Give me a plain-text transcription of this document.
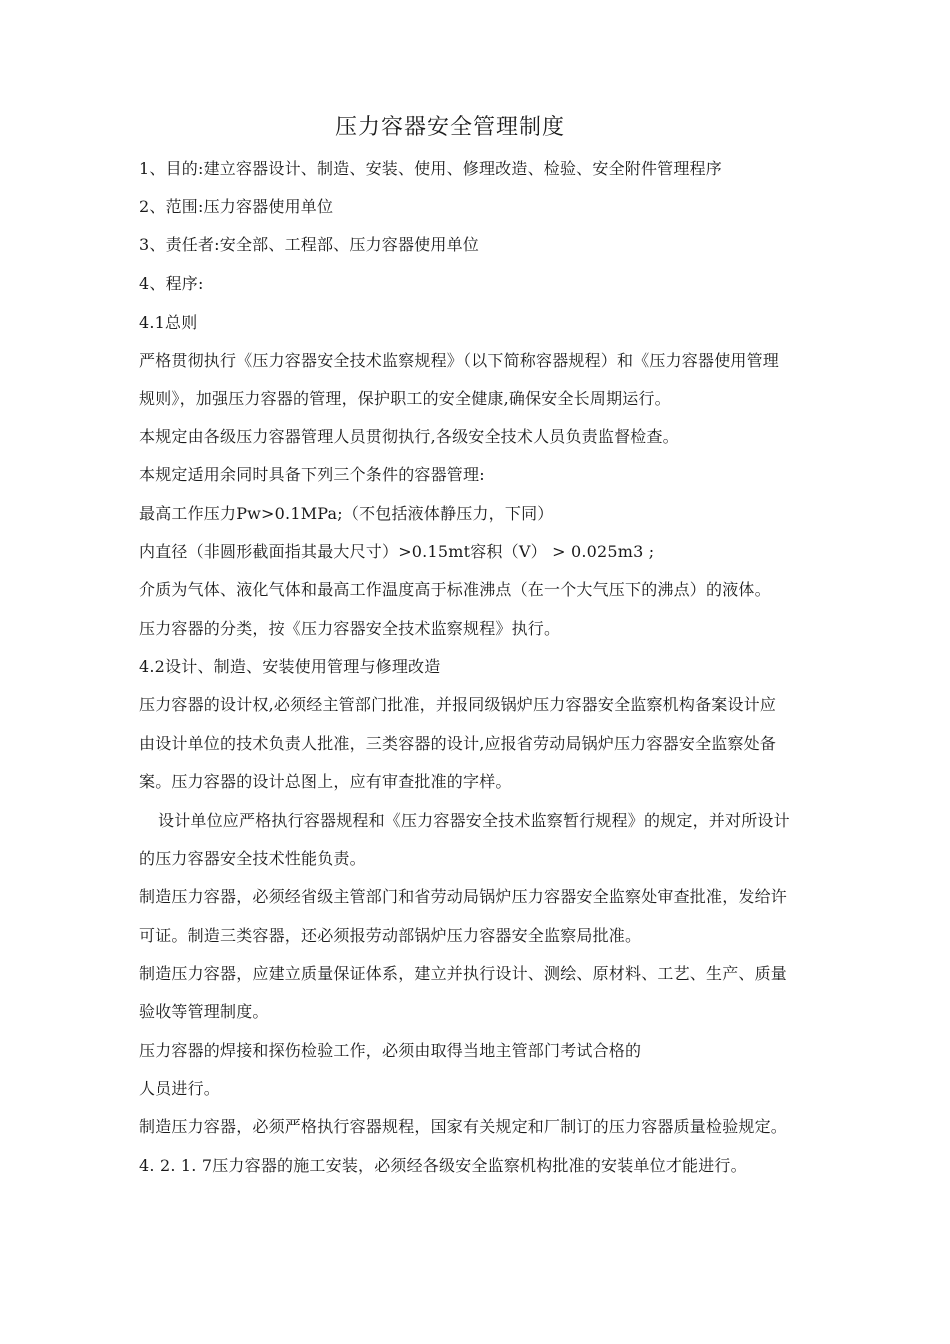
压力容器安全管理制度
1、目的:建立容器设计、制造、安装、使用、修理改造、检验、安全附件管理程序
2、范围:压力容器使用单位
3、责任者:安全部、工程部、压力容器使用单位
4、程序:
4.1总则
严格贯彻执行《压力容器安全技术监察规程》（以下简称容器规程）和《压力容器使用管理
规则》，加强压力容器的管理，保护职工的安全健康,确保安全长周期运行。
本规定由各级压力容器管理人员贯彻执行,各级安全技术人员负责监督检查。
本规定适用余同时具备下列三个条件的容器管理:
最高工作压力Pw>0.1MPa;（不包括液体静压力，下同）
内直径（非圆形截面指其最大尺寸）>0.15mt容积（V） > 0.025m3 ;
介质为气体、液化气体和最高工作温度高于标准沸点（在一个大气压下的沸点）的液体。
压力容器的分类，按《压力容器安全技术监察规程》执行。
4.2设计、制造、安装使用管理与修理改造
压力容器的设计权,必须经主管部门批准，并报同级锅炉压力容器安全监察机构备案设计应
由设计单位的技术负责人批准，三类容器的设计,应报省劳动局锅炉压力容器安全监察处备
案。压力容器的设计总图上，应有审查批准的字样。
设计单位应严格执行容器规程和《压力容器安全技术监察暂行规程》的规定，并对所设计
的压力容器安全技术性能负责。
制造压力容器，必须经省级主管部门和省劳动局锅炉压力容器安全监察处审查批准，发给许
可证。制造三类容器，还必须报劳动部锅炉压力容器安全监察局批准。
制造压力容器，应建立质量保证体系，建立并执行设计、测绘、原材料、工艺、生产、质量
验收等管理制度。
压力容器的焊接和探伤检验工作，必须由取得当地主管部门考试合格的
人员进行。
制造压力容器，必须严格执行容器规程，国家有关规定和厂制订的压力容器质量检验规定。
4. 2. 1. 7压力容器的施工安装，必须经各级安全监察机构批准的安装单位才能进行。
